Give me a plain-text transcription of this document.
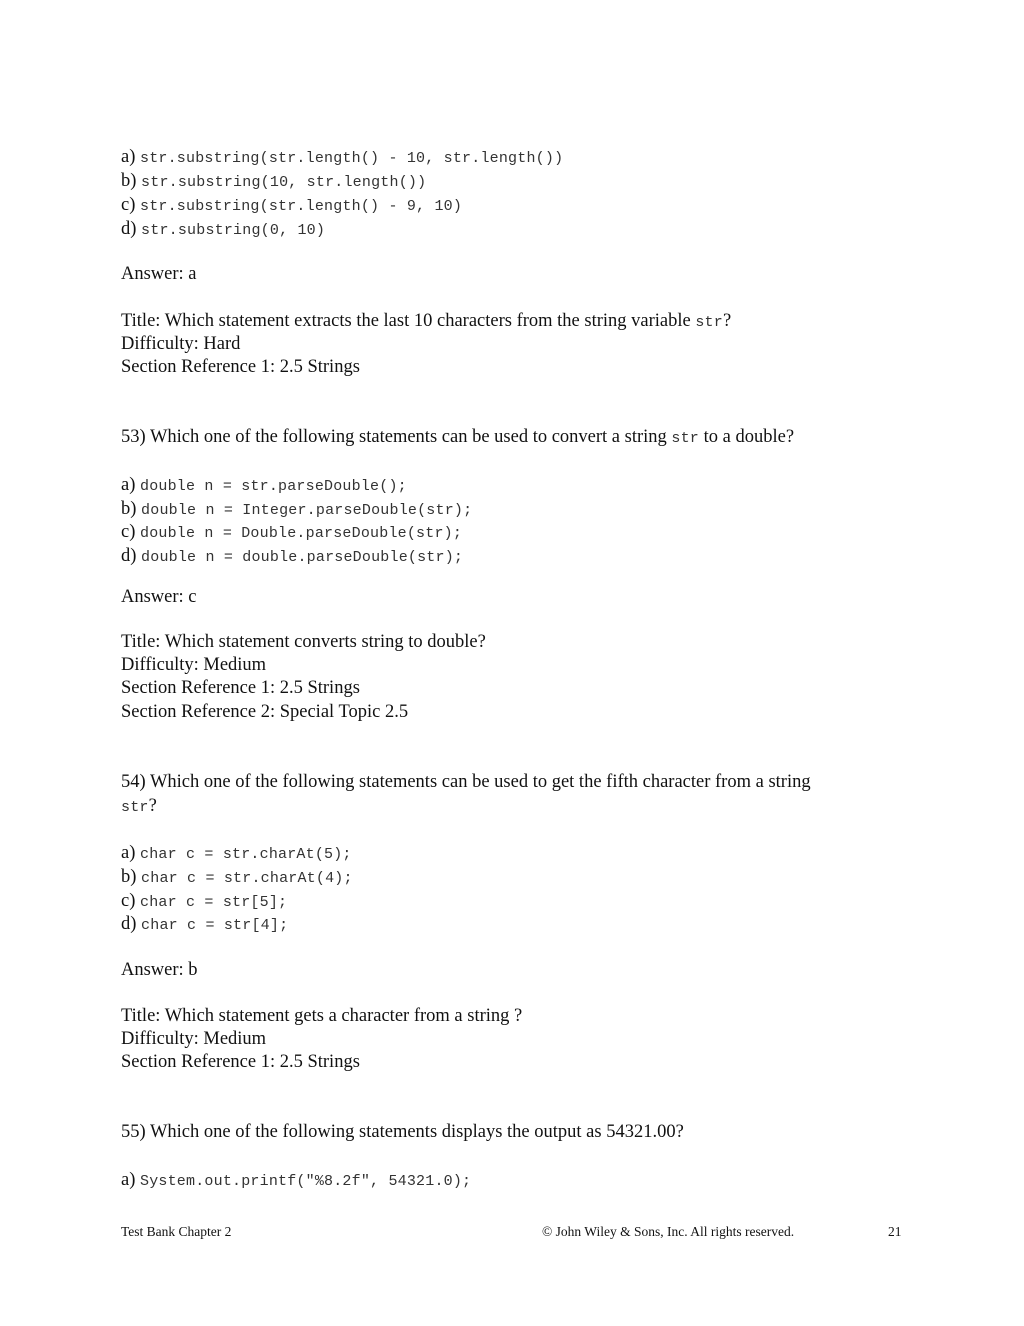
a) str.substring(str.length() - 10, str.length())
b) str.substring(10, str.length())
c) str.substring(str.length() - 9, 10)
d) str.substring(0, 10)
Answer: a
Title: Which statement extracts the last 10 characters from the string variable str?
Difficulty: Hard
Section Reference 1: 2.5 Strings
53) Which one of the following statements can be used to convert a string str to a double?
a) double n = str.parseDouble();
b) double n = Integer.parseDouble(str);
c) double n = Double.parseDouble(str);
d) double n = double.parseDouble(str);
Answer: c
Title: Which statement converts string to double?
Difficulty: Medium
Section Reference 1: 2.5 Strings
Section Reference 2: Special Topic 2.5
54) Which one of the following statements can be used to get the fifth character from a string
str?
a) char c = str.charAt(5);
b) char c = str.charAt(4);
c) char c = str[5];
d) char c = str[4];
Answer: b
Title: Which statement gets a character from a string ?
Difficulty: Medium
Section Reference 1: 2.5 Strings
55) Which one of the following statements displays the output as 54321.00?
a) System.out.printf("%8.2f", 54321.0);
Test Bank Chapter 2	© John Wiley & Sons, Inc. All rights reserved.	21
